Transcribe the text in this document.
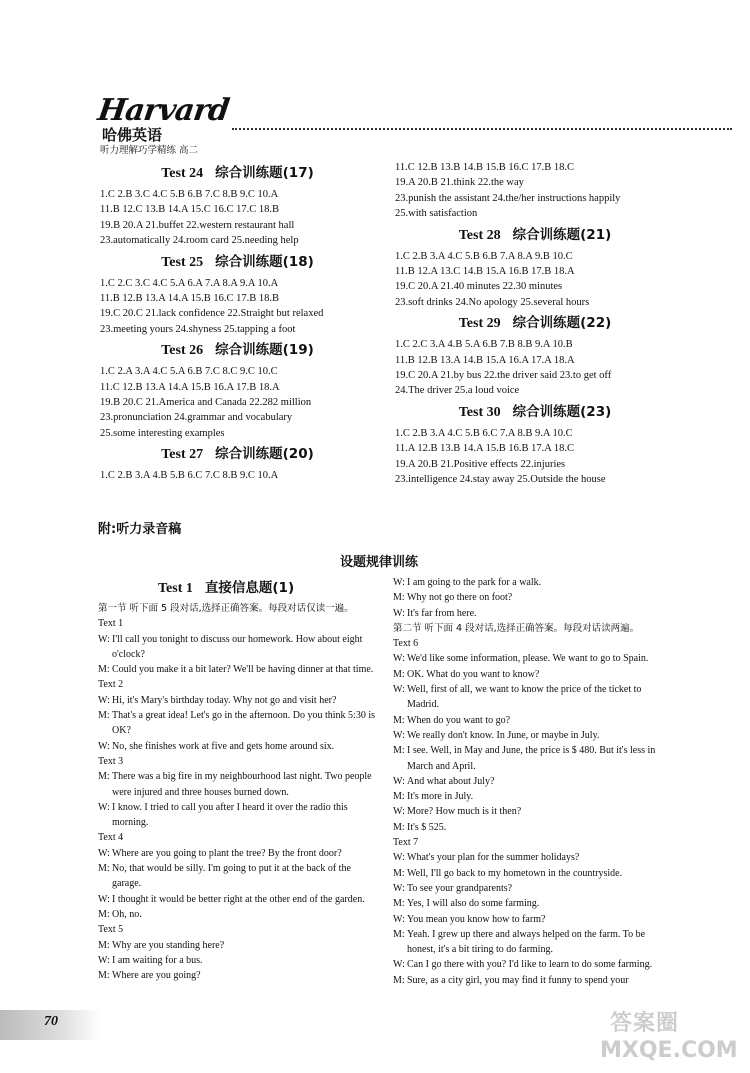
Harvard
哈佛英语
听力理解巧学精练 高二
Test 24 综合训练题(17)
1.C 2.B 3.C 4.C 5.B 6.B 7.C 8.B 9.C 10.A
11.B 12.C 13.B 14.A 15.C 16.C 17.C 18.B
19.B 20.A 21.buffet 22.western restaurant hall
23.automatically 24.room card 25.needing help
Test 25 综合训练题(18)
1.C 2.C 3.C 4.C 5.A 6.A 7.A 8.A 9.A 10.A
11.B 12.B 13.A 14.A 15.B 16.C 17.B 18.B
19.C 20.C 21.lack confidence 22.Straight but relaxed
23.meeting yours 24.shyness 25.tapping a foot
Test 26 综合训练题(19)
1.C 2.A 3.A 4.C 5.A 6.B 7.C 8.C 9.C 10.C
11.C 12.B 13.A 14.A 15.B 16.A 17.B 18.A
19.B 20.C 21.America and Canada 22.282 million
23.pronunciation 24.grammar and vocabulary
25.some interesting examples
Test 27 综合训练题(20)
1.C 2.B 3.A 4.B 5.B 6.C 7.C 8.B 9.C 10.A
11.C 12.B 13.B 14.B 15.B 16.C 17.B 18.C
19.A 20.B 21.think 22.the way
23.punish the assistant 24.the/her instructions happily
25.with satisfaction
Test 28 综合训练题(21)
1.C 2.B 3.A 4.C 5.B 6.B 7.A 8.A 9.B 10.C
11.B 12.A 13.C 14.B 15.A 16.B 17.B 18.A
19.C 20.A 21.40 minutes 22.30 minutes
23.soft drinks 24.No apology 25.several hours
Test 29 综合训练题(22)
1.C 2.C 3.A 4.B 5.A 6.B 7.B 8.B 9.A 10.B
11.B 12.B 13.A 14.B 15.A 16.A 17.A 18.A
19.C 20.A 21.by bus 22.the driver said 23.to get off
24.The driver 25.a loud voice
Test 30 综合训练题(23)
1.C 2.B 3.A 4.C 5.B 6.C 7.A 8.B 9.A 10.C
11.A 12.B 13.B 14.A 15.B 16.B 17.A 18.C
19.A 20.B 21.Positive effects 22.injuries
23.intelligence 24.stay away 25.Outside the house
附:听力录音稿
设题规律训练
Test 1 直接信息题(1)
第一节 听下面 5 段对话,选择正确答案。每段对话仅读一遍。
Text 1
W: I'll call you tonight to discuss our homework. How about eight o'clock?
M: Could you make it a bit later? We'll be having dinner at that time.
Text 2
W: Hi, it's Mary's birthday today. Why not go and visit her?
M: That's a great idea! Let's go in the afternoon. Do you think 5:30 is OK?
W: No, she finishes work at five and gets home around six.
Text 3
M: There was a big fire in my neighbourhood last night. Two people were injured and three houses burned down.
W: I know. I tried to call you after I heard it over the radio this morning.
Text 4
W: Where are you going to plant the tree? By the front door?
M: No, that would be silly. I'm going to put it at the back of the garage.
W: I thought it would be better right at the other end of the garden.
M: Oh, no.
Text 5
M: Why are you standing here?
W: I am waiting for a bus.
M: Where are you going?
W: I am going to the park for a walk.
M: Why not go there on foot?
W: It's far from here.
第二节 听下面 4 段对话,选择正确答案。每段对话读两遍。
Text 6
W: We'd like some information, please. We want to go to Spain.
M: OK. What do you want to know?
W: Well, first of all, we want to know the price of the ticket to Madrid.
M: When do you want to go?
W: We really don't know. In June, or maybe in July.
M: I see. Well, in May and June, the price is $ 480. But it's less in March and April.
W: And what about July?
M: It's more in July.
W: More? How much is it then?
M: It's $ 525.
Text 7
W: What's your plan for the summer holidays?
M: Well, I'll go back to my hometown in the countryside.
W: To see your grandparents?
M: Yes, I will also do some farming.
W: You mean you know how to farm?
M: Yeah. I grew up there and always helped on the farm. To be honest, it's a bit tiring to do farming.
W: Can I go there with you? I'd like to learn to do some farming.
M: Sure, as a city girl, you may find it funny to spend your
70	答案圈
MXQE.COM
